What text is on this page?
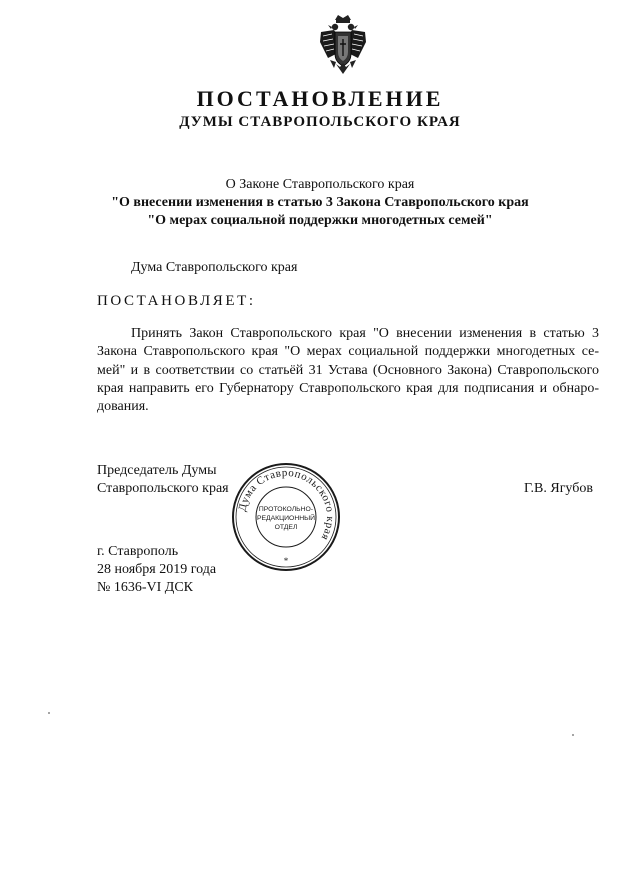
ПОСТАНОВЛЕНИЕ
ДУМЫ СТАВРОПОЛЬСКОГО КРАЯ
О Законе Ставропольского края
"О внесении изменения в статью 3 Закона Ставропольского края
"О мерах социальной поддержки многодетных семей"
Дума Ставропольского края
ПОСТАНОВЛЯЕТ:
Принять Закон Ставропольского края "О внесении изменения в статью 3 Закона Ставропольского края "О мерах социальной поддержки многодетных семей" и в соответствии со статьёй 31 Устава (Основного Закона) Ставропольского края направить его Губернатору Ставропольского края для подписания и обнародования.
Председатель Думы
Ставропольского края	Г.В. Ягубов
г. Ставрополь
28 ноября 2019 года
№ 1636-VI ДСК
Дума Ставропольского края
ПРОТОКОЛЬНО-
РЕДАКЦИОННЫЙ
ОТДЕЛ
*
